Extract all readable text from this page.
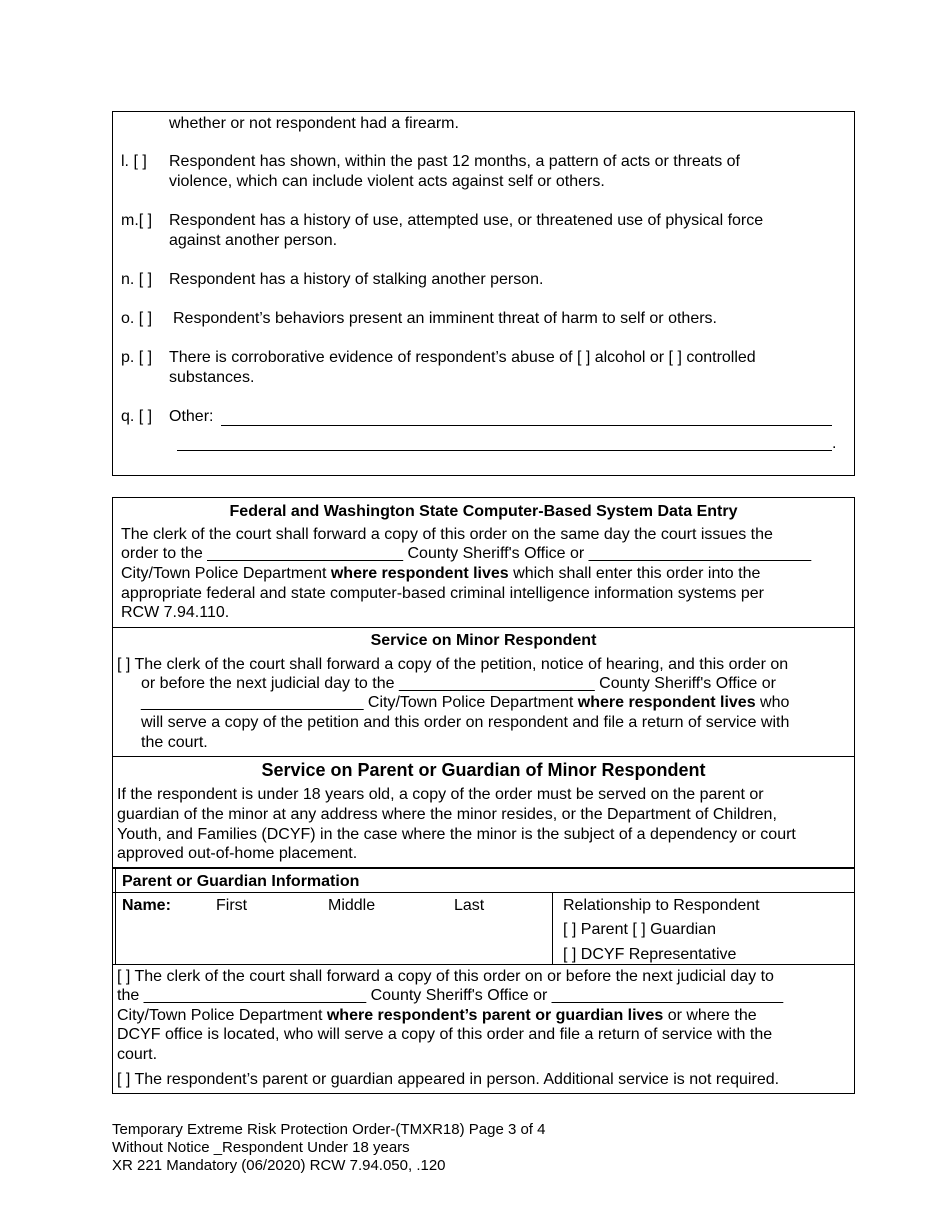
whether or not respondent had a firearm.
l. [ ] Respondent has shown, within the past 12 months, a pattern of acts or threats of
violence, which can include violent acts against self or others.
m.[ ] Respondent has a history of use, attempted use, or threatened use of physical force
against another person.
n. [ ] Respondent has a history of stalking another person.
o. [ ] Respondent’s behaviors present an imminent threat of harm to self or others.
p. [ ] There is corroborative evidence of respondent’s abuse of [ ] alcohol or [ ] controlled
substances.
q. [ ] Other:
.
Federal and Washington State Computer-Based System Data Entry
The clerk of the court shall forward a copy of this order on the same day the court issues the
order to the ______________________ County Sheriff's Office or _________________________
City/Town Police Department where respondent lives which shall enter this order into the
appropriate federal and state computer-based criminal intelligence information systems per
RCW 7.94.110.
Service on Minor Respondent
[ ] The clerk of the court shall forward a copy of the petition, notice of hearing, and this order on
or before the next judicial day to the ______________________ County Sheriff's Office or
_________________________ City/Town Police Department where respondent lives who
will serve a copy of the petition and this order on respondent and file a return of service with
the court.
Service on Parent or Guardian of Minor Respondent
If the respondent is under 18 years old, a copy of the order must be served on the parent or
guardian of the minor at any address where the minor resides, or the Department of Children,
Youth, and Families (DCYF) in the case where the minor is the subject of a dependency or court
approved out-of-home placement.
Parent or Guardian Information
Name:	First	Middle	Last	Relationship to Respondent
[ ] Parent [ ] Guardian
[ ] DCYF Representative
[ ] The clerk of the court shall forward a copy of this order on or before the next judicial day to
the _________________________ County Sheriff's Office or __________________________
City/Town Police Department where respondent’s parent or guardian lives or where the
DCYF office is located, who will serve a copy of this order and file a return of service with the
court.
[ ] The respondent’s parent or guardian appeared in person. Additional service is not required.
Temporary Extreme Risk Protection Order-(TMXR18) Page 3 of 4
Without Notice _Respondent Under 18 years
XR 221 Mandatory (06/2020) RCW 7.94.050, .120
